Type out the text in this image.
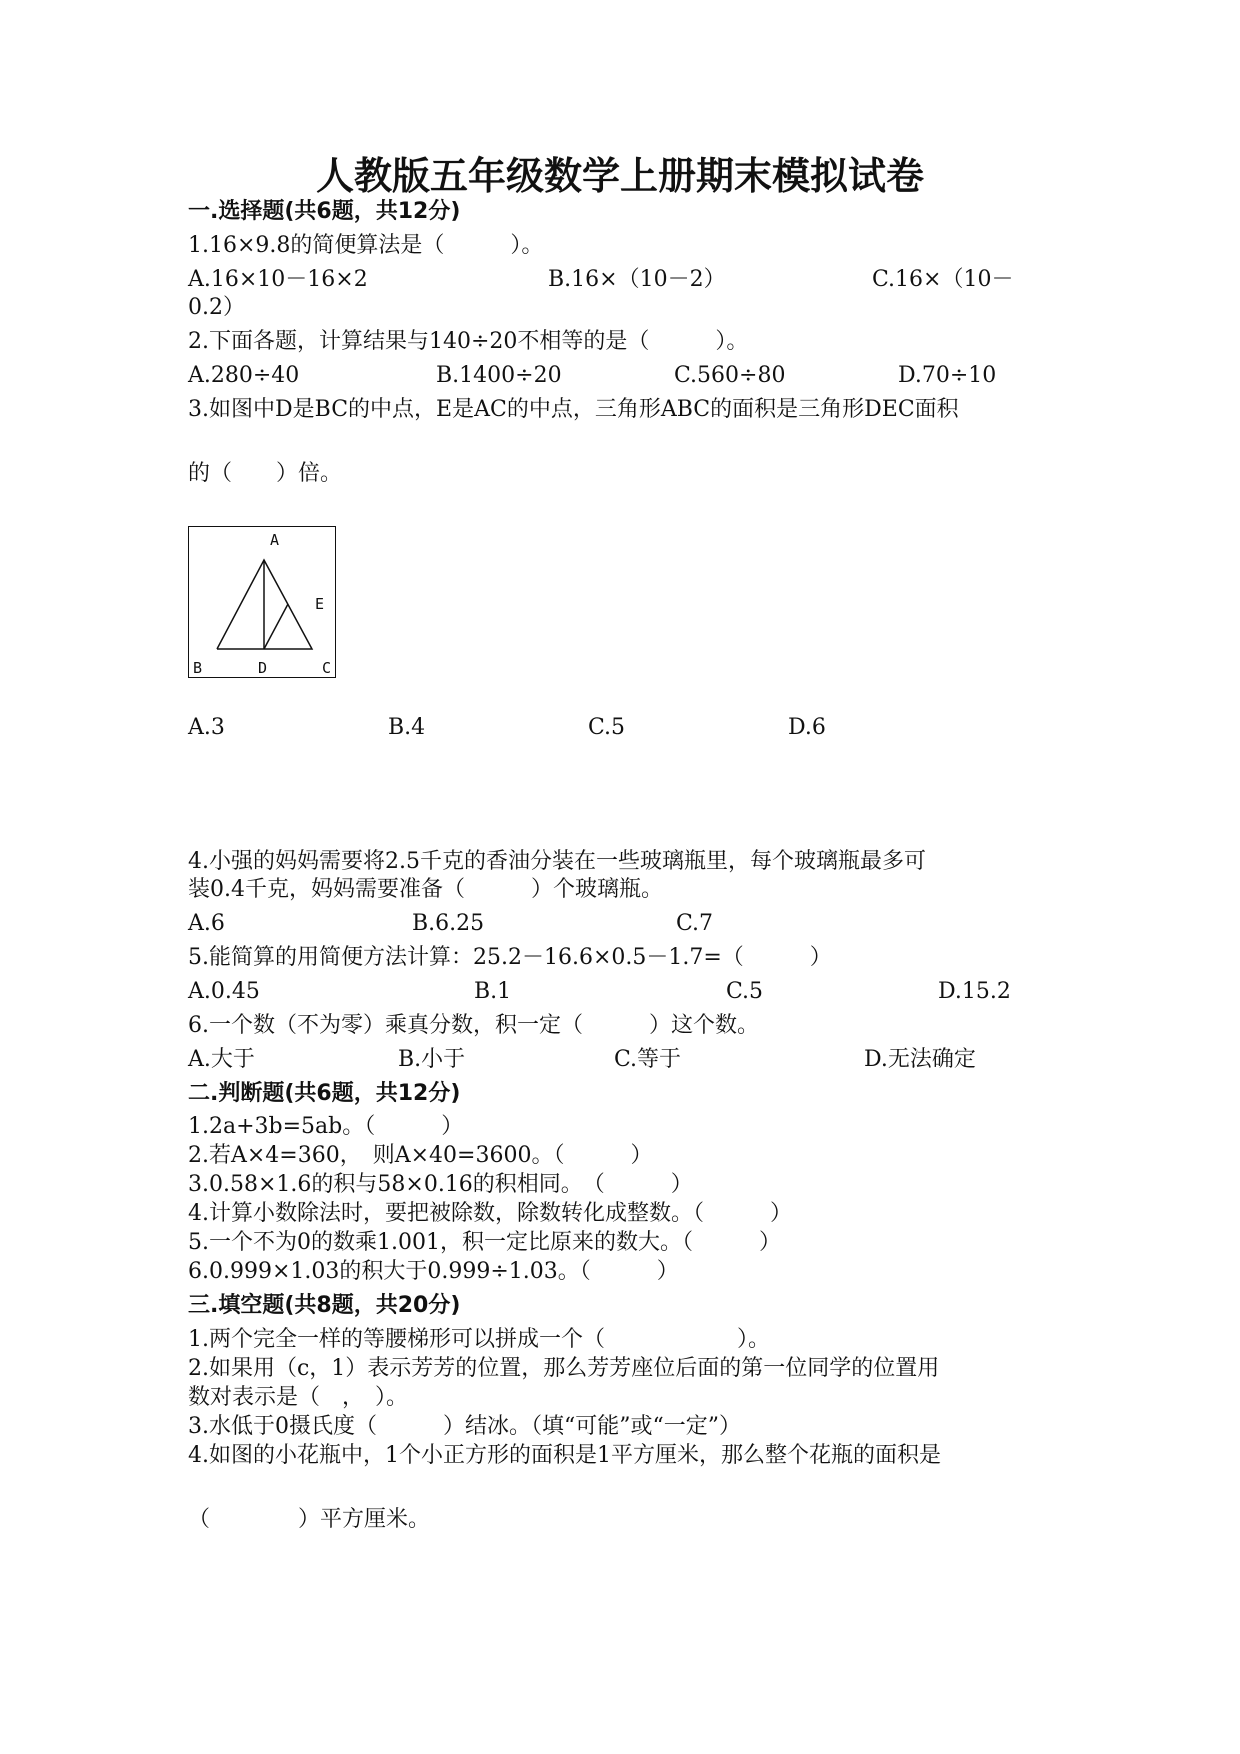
人教版五年级数学上册期末模拟试卷
一.选择题(共6题，共12分)
1.16×9.8的简便算法是（　　　）。
A.16×10－16×2	B.16×（10－2）	C.16×（10－
0.2）
2.下面各题，计算结果与140÷20不相等的是（　　　）。
A.280÷40	B.1400÷20	C.560÷80	D.70÷10
3.如图中D是BC的中点，E是AC的中点，三角形ABC的面积是三角形DEC面积
的（　　）倍。
A
B	D	C
E
A.3	B.4	C.5	D.6
4.小强的妈妈需要将2.5千克的香油分装在一些玻璃瓶里，每个玻璃瓶最多可
装0.4千克，妈妈需要准备（　　　）个玻璃瓶。
A.6	B.6.25	C.7
5.能简算的用简便方法计算：25.2－16.6×0.5－1.7=（　　　）
A.0.45	B.1	C.5	D.15.2
6.一个数（不为零）乘真分数，积一定（　　　）这个数。
A.大于	B.小于	C.等于	D.无法确定
二.判断题(共6题，共12分)
1.2a+3b=5ab。（　　　）
2.若A×4=360，　则A×40=3600。（　　　）
3.0.58×1.6的积与58×0.16的积相同。　（　　　）
4.计算小数除法时，要把被除数，除数转化成整数。（　　　）
5.一个不为0的数乘1.001，积一定比原来的数大。（　　　）
6.0.999×1.03的积大于0.999÷1.03。（　　　）
三.填空题(共8题，共20分)
1.两个完全一样的等腰梯形可以拼成一个（　　　　　　）。
2.如果用（c，1）表示芳芳的位置，那么芳芳座位后面的第一位同学的位置用
数对表示是（　，　）。
3.水低于0摄氏度（　　　）结冰。（填“可能”或“一定”）
4.如图的小花瓶中，1个小正方形的面积是1平方厘米，那么整个花瓶的面积是
（　　　　）平方厘米。
